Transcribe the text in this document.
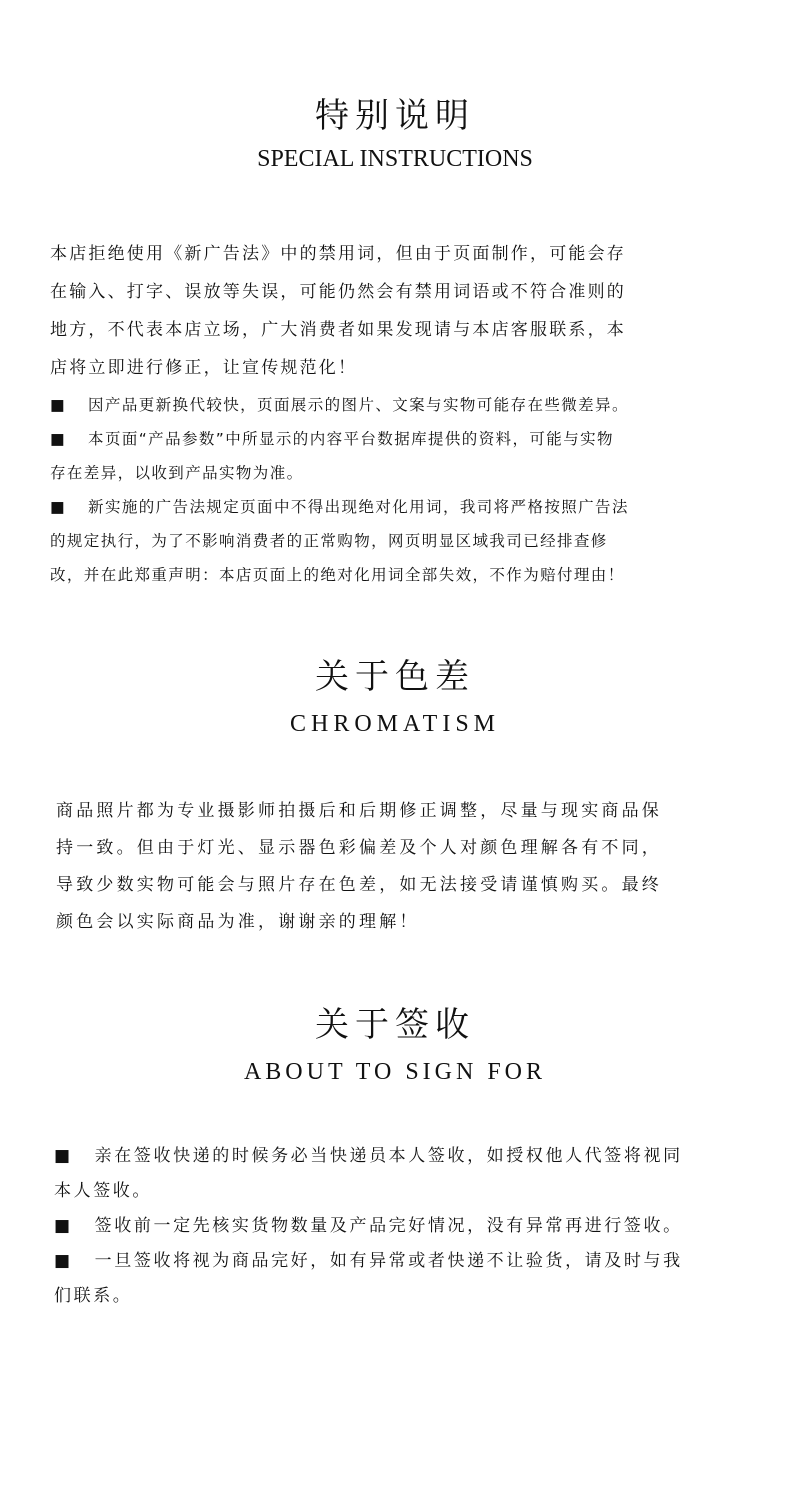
特别说明
SPECIAL INSTRUCTIONS
本店拒绝使用《新广告法》中的禁用词，但由于页面制作，可能会存
在输入、打字、误放等失误，可能仍然会有禁用词语或不符合准则的
地方，不代表本店立场，广大消费者如果发现请与本店客服联系，本
店将立即进行修正，让宣传规范化！
■ 因产品更新换代较快，页面展示的图片、文案与实物可能存在些微差异。
■ 本页面“产品参数”中所显示的内容平台数据库提供的资料，可能与实物
存在差异，以收到产品实物为准。
■ 新实施的广告法规定页面中不得出现绝对化用词，我司将严格按照广告法
的规定执行，为了不影响消费者的正常购物，网页明显区域我司已经排查修
改，并在此郑重声明：本店页面上的绝对化用词全部失效，不作为赔付理由！
关于色差
CHROMATISM
商品照片都为专业摄影师拍摄后和后期修正调整，尽量与现实商品保
持一致。但由于灯光、显示器色彩偏差及个人对颜色理解各有不同，
导致少数实物可能会与照片存在色差，如无法接受请谨慎购买。最终
颜色会以实际商品为准，谢谢亲的理解！
关于签收
ABOUT TO SIGN FOR
■ 亲在签收快递的时候务必当快递员本人签收，如授权他人代签将视同
本人签收。
■ 签收前一定先核实货物数量及产品完好情况，没有异常再进行签收。
■ 一旦签收将视为商品完好，如有异常或者快递不让验货，请及时与我
们联系。
